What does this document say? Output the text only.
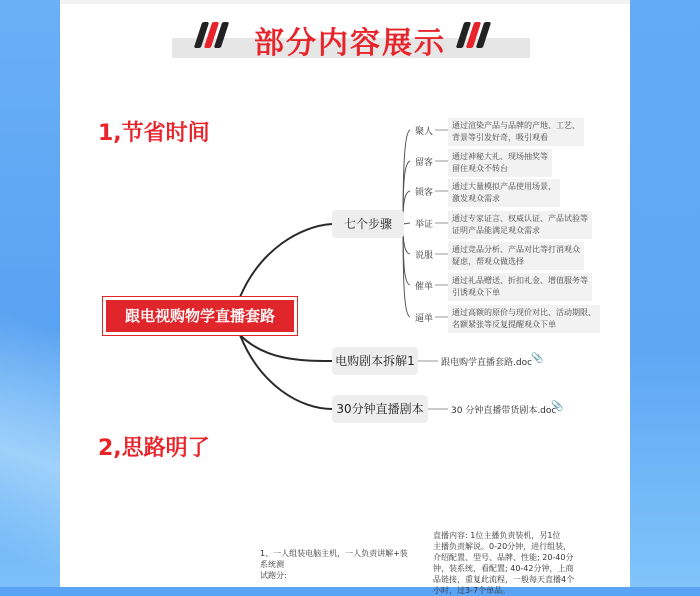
部分内容展示
1,节省时间
2,思路明了
跟电视购物学直播套路
七个步骤
电购剧本拆解1
30分钟直播剧本
跟电购学直播套路.doc
📎
30 分钟直播带货剧本.doc
📎
聚人
通过渲染产品与品牌的产地、工艺、
背景等引发好奇，吸引观看
留客
通过神秘大礼、现场抽奖等
留住观众不转台
锁客
通过大量模拟产品使用场景，
激发观众需求
举证
通过专家证言、权威认证、产品试验等
证明产品能满足观众需求
说服
通过竞品分析、产品对比等打消观众
疑虑，帮观众做选择
催单
通过礼品赠送、折扣礼金、增值服务等
引诱观众下单
逼单
通过高额的原价与现价对比、活动期限、
名额紧张等反复提醒观众下单
1、一人组装电脑主机，一人负责讲解+装系统测
试跑分:
直播内容: 1位主播负责装机，另1位
主播负责解说。0-20分钟，进行组装，
介绍配置、型号、品牌、性能; 20-40分
钟，装系统，看配置; 40-42分钟，上商
品链接，重复此流程，一般每天直播4个
小时，过3-7个单品。
